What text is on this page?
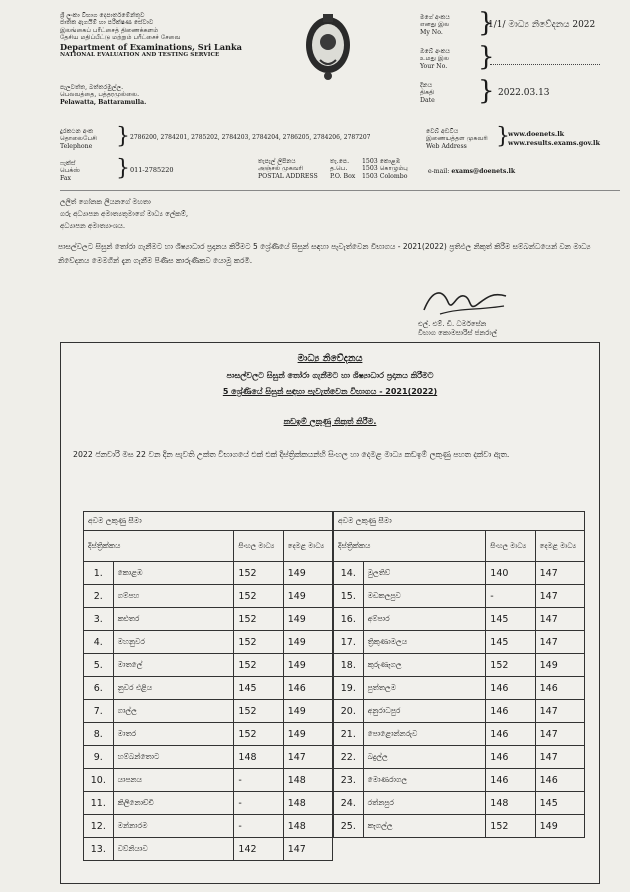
ශ්‍රී ලංකා විභාග දෙපාර්තමේන්තුව
ජාතික ඇගයීම් හා පරීක්ෂණ සේවාව
இலங்கைப் பரீட்சைத் திணைக்களம்
தேசிய மதிப்பீட்டு மற்றும் பரீட்சைச் சேவை
Department of Examinations, Sri Lanka
NATIONAL EVALUATION AND TESTING SERVICE
පැලවත්ත, බත්තරමුල්ල.
பெலவத்தை, பத்தரமுல்லை.
Pelawatta, Battaramulla.
මගේ අංකය
எனது இல
My No.	}
1/1/ මාධ්‍ය නිවේදනය 2022
ඔබේ අංකය
உமது இல
Your No.	}
දිනය
திகதி
Date	} 2022.03.13
දුරකථන අංක
தொலைபேசி
Telephone	} 2786200, 2784201, 2785202, 2784203, 2784204, 2786205, 2784206, 2787207
වෙබ් අඩවිය
இணையத்தள முகவரி
Web Address	}
www.doenets.lk
www.results.exams.gov.lk
ෆැක්ස්
பெக்ஸ்
Fax	} 011-2785220
තැපැල් ලිපිනය
அஞ்சல் முகவரி
POSTAL ADDRESS
තැ.පෙ.
த.பெ.
P.O. Box
1503 කොළඹ
1503 கொழும்பு
1503 Colombo
e-mail: exams@doenets.lk
ලලිත් ගෝනක ලියනගේ මහතා
ගරු අධ්‍යාපන අමාත්‍යතුමාගේ මාධ්‍ය ලේකම්,
අධ්‍යාපන අමාත්‍යාංශය.
පාසල්වලට සිසුන් තෝරා ගැනීමට හා ශිෂ්‍යාධාර ප්‍රදානය කිරීමට 5 ශ්‍රේණියේ සිසුන් සඳහා පැවැත්වෙන විභාගය - 2021(2022) ප්‍රතිඵල නිකුත් කිරීම සම්බන්ධයෙන් වන මාධ්‍ය නිවේදනය මෙමගින් දැන ගැනීම පිණිස කාරුණිකව යොමු කරමි.
එල්. එම්. ඩී. ධර්මසේන
විභාග කොමසාරිස් ජනරාල්
මාධ්‍ය නිවේදනය
පාසල්වලට සිසුන් තෝරා ගැනීමට හා ශිෂ්‍යාධාර ප්‍රදානය කිරීමට
5 ශ්‍රේණියේ සිසුන් සඳහා පැවැත්වෙන විභාගය - 2021(2022)
කඩඉම් ලකුණු නිකුත් කිරීම.
2022 ජනවාරි මස 22 වන දින පැවති උක්ත විභාගයේ එක් එක් දිස්ත්‍රික්කයන්හි සිංහල හා දෙමළ මාධ්‍ය කඩඉම් ලකුණු පහත දක්වා ඇත.
අවම ලකුණු සීමා			
දිස්ත්‍රික්කය		සිංහල මාධ්‍ය	දෙමළ මාධ්‍ය
1.	කොළඹ	152	149
2.	ගම්පහ	152	149
3.	කළුතර	152	149
4.	මහනුවර	152	149
5.	මාතලේ	152	149
6.	නුවර එළිය	145	146
7.	ගාල්ල	152	149
8.	මාතර	152	149
9.	හම්බන්තොට	148	147
10.	යාපනය	-	148
11.	කිලිනොච්චි	-	148
12.	මන්නාරම	-	148
13.	වව්නියාව	142	147
අවම ලකුණු සීමා			
දිස්ත්‍රික්කය		සිංහල මාධ්‍ය	දෙමළ මාධ්‍ය
14.	මුලතිව්	140	147
15.	මඩකලපුව	-	147
16.	අම්පාර	145	147
17.	ත්‍රිකුණාමලය	145	147
18.	කුරුණෑගල	152	149
19.	පුත්තලම	146	146
20.	අනුරාධපුර	146	147
21.	පොළොන්නරුව	146	147
22.	බදුල්ල	146	147
23.	මොණරාගල	146	146
24.	රත්නපුර	148	145
25.	කෑගල්ල	152	149
